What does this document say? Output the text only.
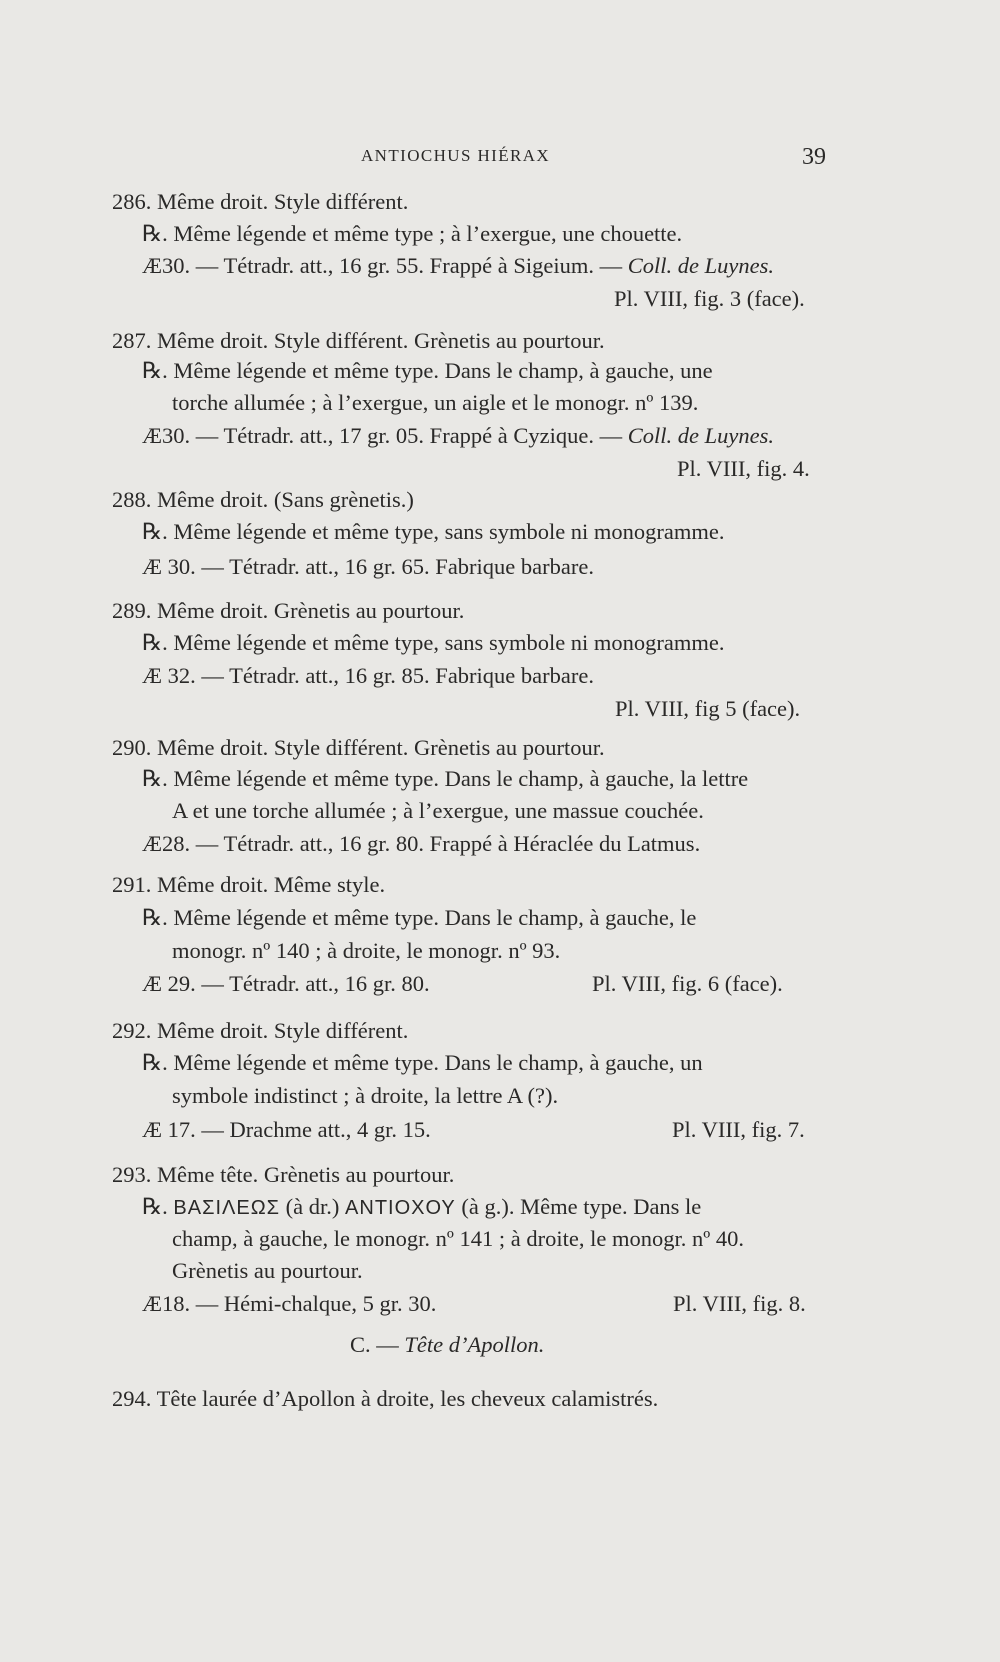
ANTIOCHUS HIÉRAX	39
286. Même droit. Style différent.
℞. Même légende et même type ; à l’exergue, une chouette.
Æ30. — Tétradr. att., 16 gr. 55. Frappé à Sigeium. — Coll. de Luynes.
Pl. VIII, fig. 3 (face).
287. Même droit. Style différent. Grènetis au pourtour.
℞. Même légende et même type. Dans le champ, à gauche, une
torche allumée ; à l’exergue, un aigle et le monogr. nº 139.
Æ30. — Tétradr. att., 17 gr. 05. Frappé à Cyzique. — Coll. de Luynes.
Pl. VIII, fig. 4.
288. Même droit. (Sans grènetis.)
℞. Même légende et même type, sans symbole ni monogramme.
Æ 30. — Tétradr. att., 16 gr. 65. Fabrique barbare.
289. Même droit. Grènetis au pourtour.
℞. Même légende et même type, sans symbole ni monogramme.
Æ 32. — Tétradr. att., 16 gr. 85. Fabrique barbare.
Pl. VIII, fig 5 (face).
290. Même droit. Style différent. Grènetis au pourtour.
℞. Même légende et même type. Dans le champ, à gauche, la lettre
A et une torche allumée ; à l’exergue, une massue couchée.
Æ28. — Tétradr. att., 16 gr. 80. Frappé à Héraclée du Latmus.
291. Même droit. Même style.
℞. Même légende et même type. Dans le champ, à gauche, le
monogr. nº 140 ; à droite, le monogr. nº 93.
Æ 29. — Tétradr. att., 16 gr. 80.	Pl. VIII, fig. 6 (face).
292. Même droit. Style différent.
℞. Même légende et même type. Dans le champ, à gauche, un
symbole indistinct ; à droite, la lettre A (?).
Æ 17. — Drachme att., 4 gr. 15.	Pl. VIII, fig. 7.
293. Même tête. Grènetis au pourtour.
℞. ΒΑΣΙΛΕΩΣ (à dr.) ΑΝΤΙΟΧΟΥ (à g.). Même type. Dans le
champ, à gauche, le monogr. nº 141 ; à droite, le monogr. nº 40.
Grènetis au pourtour.
Æ18. — Hémi-chalque, 5 gr. 30.	Pl. VIII, fig. 8.
C. — Tête d’Apollon.
294. Tête laurée d’Apollon à droite, les cheveux calamistrés.
